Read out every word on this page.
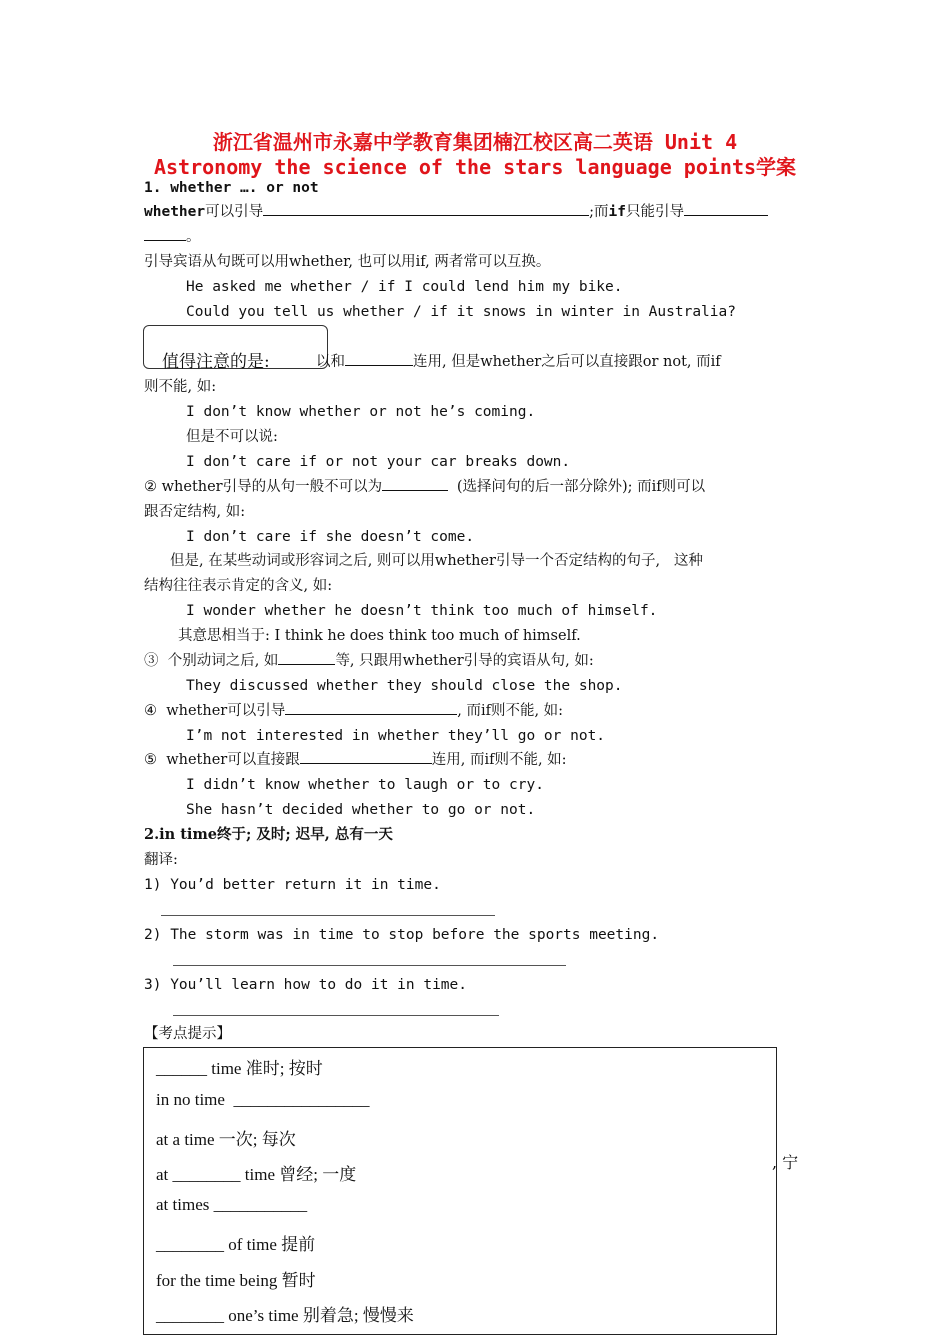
浙江省温州市永嘉中学教育集团楠江校区高二英语 Unit 4
Astronomy the science of the stars language points学案
1. whether …. or not
whether可以引导	;而if只能引导
。
引导宾语从句既可以用whether, 也可以用if, 两者常可以互换。
He asked me whether / if I could lend him my bike.
Could you tell us whether / if it snows in winter in Australia?
值得注意的是:	以和	连用, 但是whether之后可以直接跟or not, 而if
则不能, 如:
I don’t know whether or not he’s coming.
但是不可以说:
I don’t care if or not your car breaks down.
② whether引导的从句一般不可以为	(选择问句的后一部分除外); 而if则可以
跟否定结构, 如:
I don’t care if she doesn’t come.
但是, 在某些动词或形容词之后, 则可以用whether引导一个否定结构的句子,   这种
结构往往表示肯定的含义, 如:
I wonder whether he doesn’t think too much of himself.
其意思相当于: I think he does think too much of himself.
③  个别动词之后, 如	等, 只跟用whether引导的宾语从句, 如:
They discussed whether they should close the shop.
④  whether可以引导	, 而if则不能, 如:
I’m not interested in whether they’ll go or not.
⑤  whether可以直接跟	连用, 而if则不能, 如:
I didn’t know whether to laugh or to cry.
She hasn’t decided whether to go or not.
2.in time终于; 及时; 迟早, 总有一天
翻译:
1) You’d better return it in time.
2) The storm was in time to stop before the sports meeting.
3) You’ll learn how to do it in time.
【考点提示】
______ time 准时; 按时
in no time  ________________
at a time 一次; 每次
at ________ time 曾经; 一度
at times ___________
________ of time 提前
for the time being 暂时
________ one’s time 别着急; 慢慢来
, 宁
